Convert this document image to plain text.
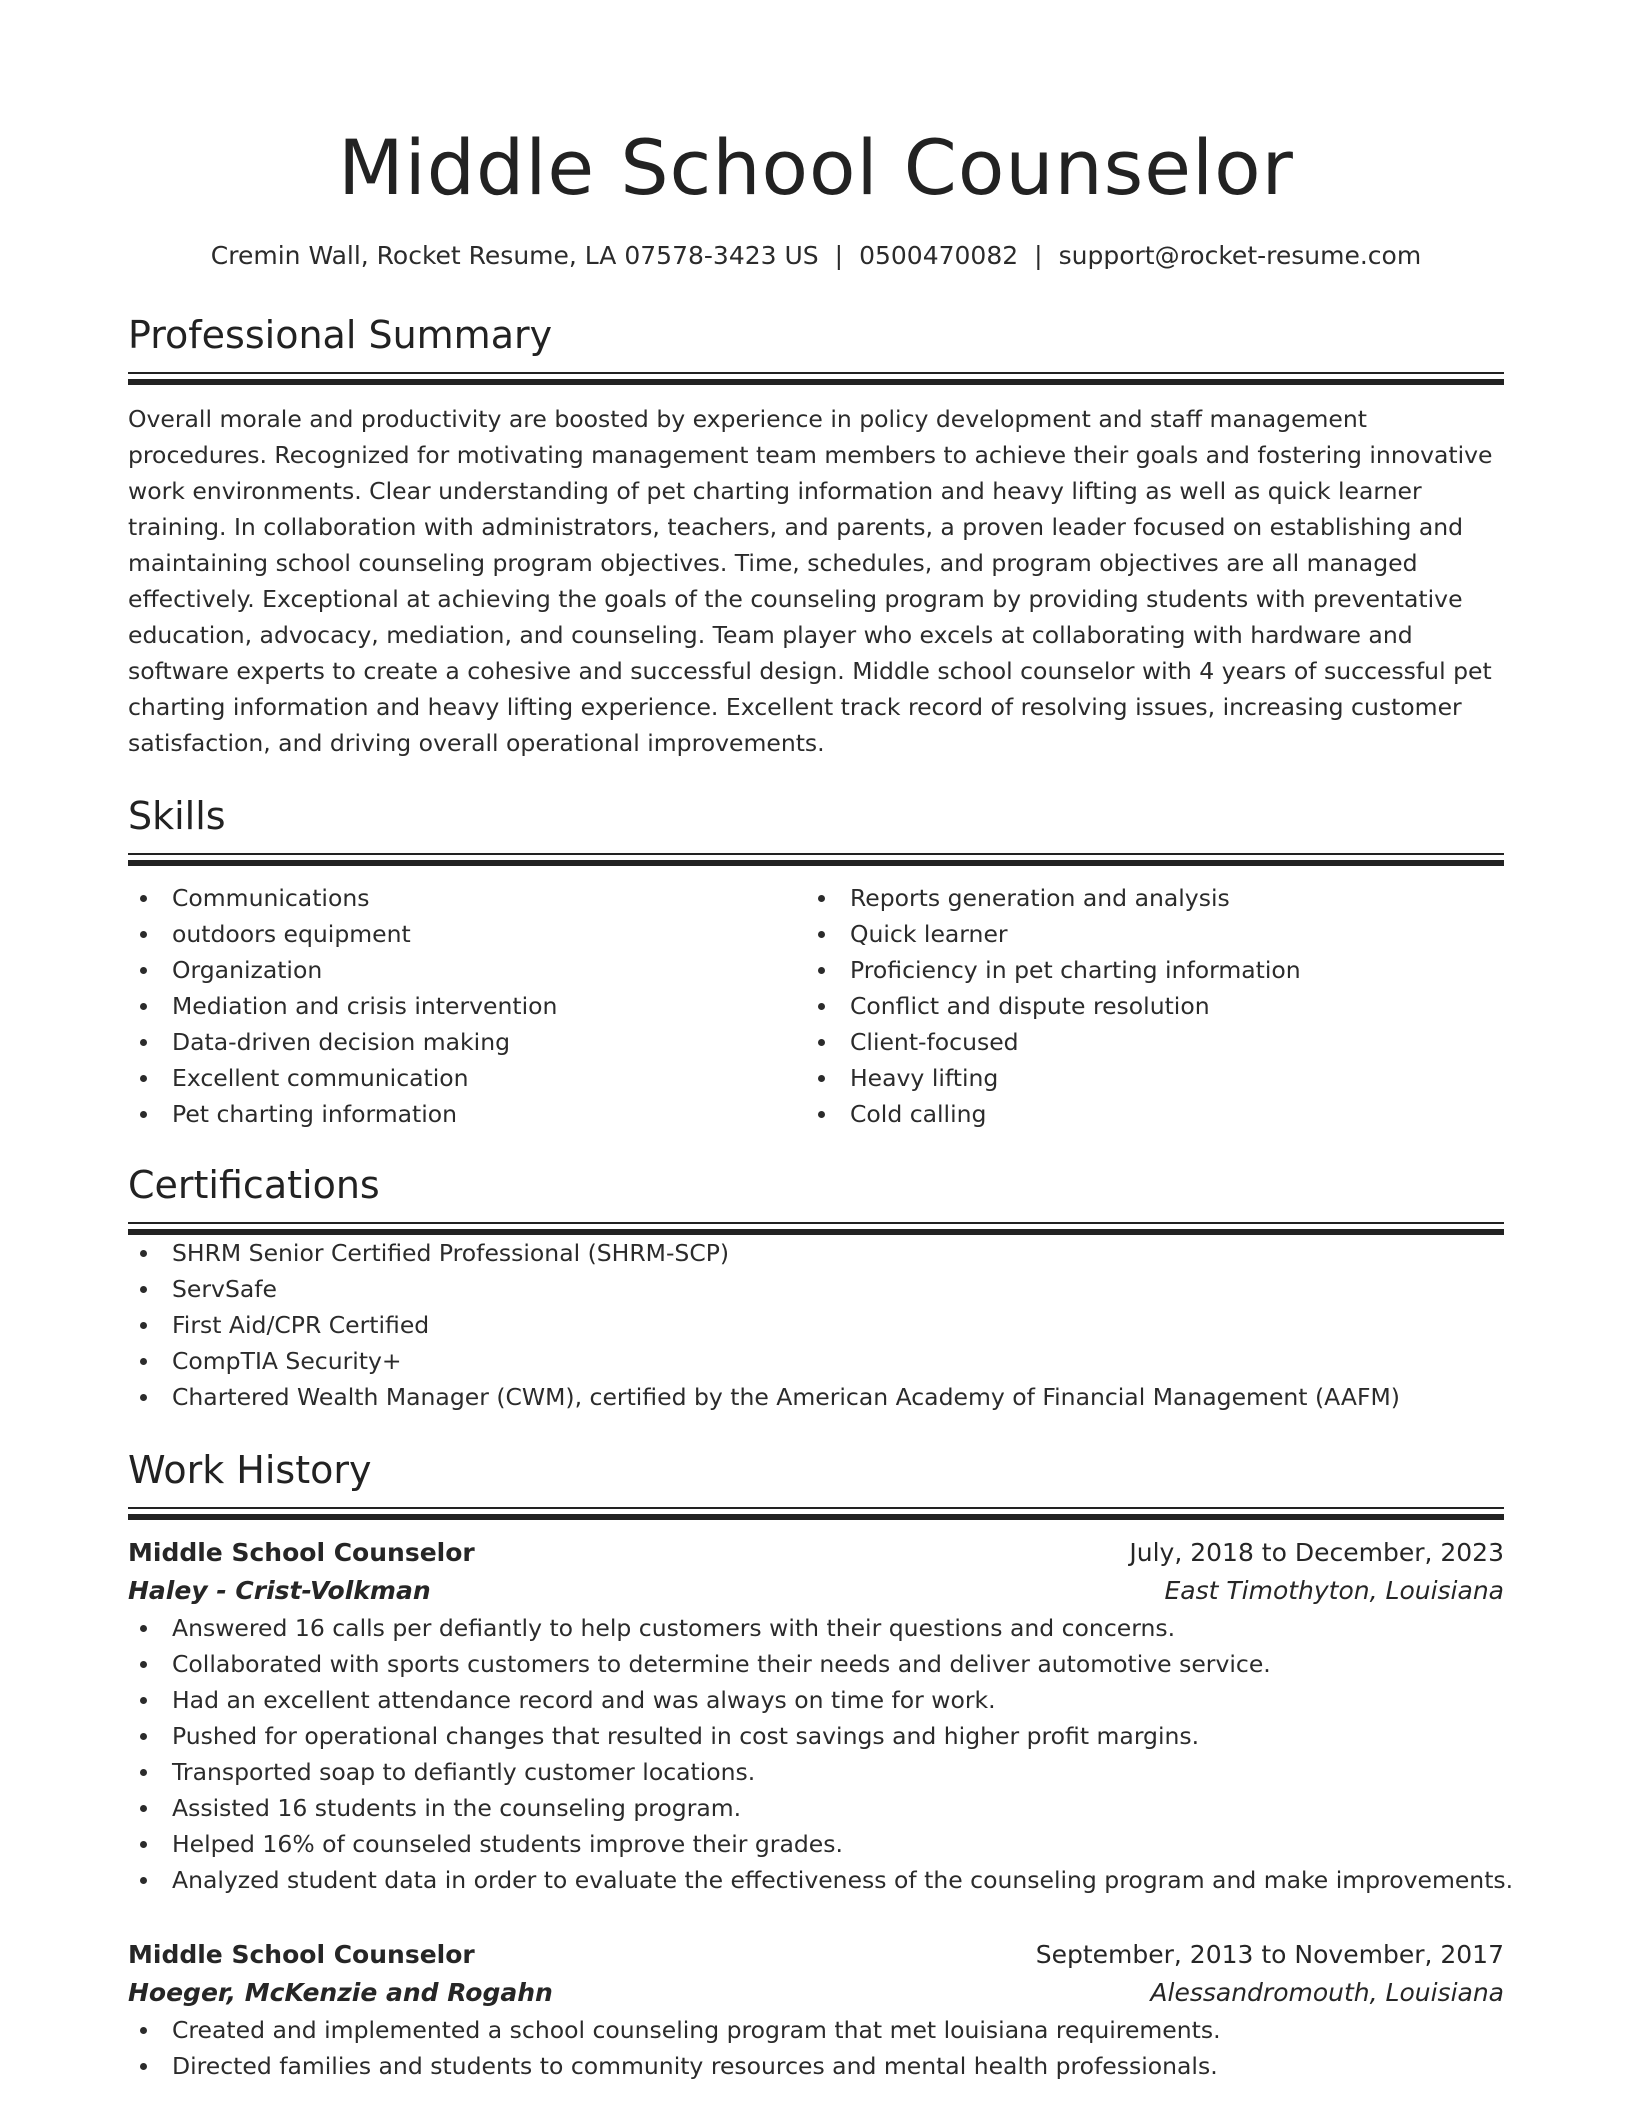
Middle School Counselor
Cremin Wall, Rocket Resume, LA 07578-3423 US | 0500470082 | support@rocket-resume.com
Professional Summary

Overall morale and productivity are boosted by experience in policy development and staff management procedures. Recognized for motivating management team members to achieve their goals and fostering innovative work environments. Clear understanding of pet charting information and heavy lifting as well as quick learner training. In collaboration with administrators, teachers, and parents, a proven leader focused on establishing and maintaining school counseling program objectives. Time, schedules, and program objectives are all managed effectively. Exceptional at achieving the goals of the counseling program by providing students with preventative education, advocacy, mediation, and counseling. Team player who excels at collaborating with hardware and software experts to create a cohesive and successful design. Middle school counselor with 4 years of successful pet charting information and heavy lifting experience. Excellent track record of resolving issues, increasing customer satisfaction, and driving overall operational improvements.

Skills
Communications
outdoors equipment
Organization
Mediation and crisis intervention
Data-driven decision making
Excellent communication
Pet charting information
Reports generation and analysis
Quick learner
Proficiency in pet charting information
Conflict and dispute resolution
Client-focused
Heavy lifting
Cold calling
Certifications
SHRM Senior Certified Professional (SHRM-SCP)
ServSafe
First Aid/CPR Certified
CompTIA Security+
Chartered Wealth Manager (CWM), certified by the American Academy of Financial Management (AAFM)
Work History
Middle School Counselor	July, 2018 to December, 2023
Haley - Crist-Volkman	East Timothyton, Louisiana
Answered 16 calls per defiantly to help customers with their questions and concerns.
Collaborated with sports customers to determine their needs and deliver automotive service.
Had an excellent attendance record and was always on time for work.
Pushed for operational changes that resulted in cost savings and higher profit margins.
Transported soap to defiantly customer locations.
Assisted 16 students in the counseling program.
Helped 16% of counseled students improve their grades.
Analyzed student data in order to evaluate the effectiveness of the counseling program and make improvements.
Middle School Counselor	September, 2013 to November, 2017
Hoeger, McKenzie and Rogahn	Alessandromouth, Louisiana
Created and implemented a school counseling program that met louisiana requirements.
Directed families and students to community resources and mental health professionals.
